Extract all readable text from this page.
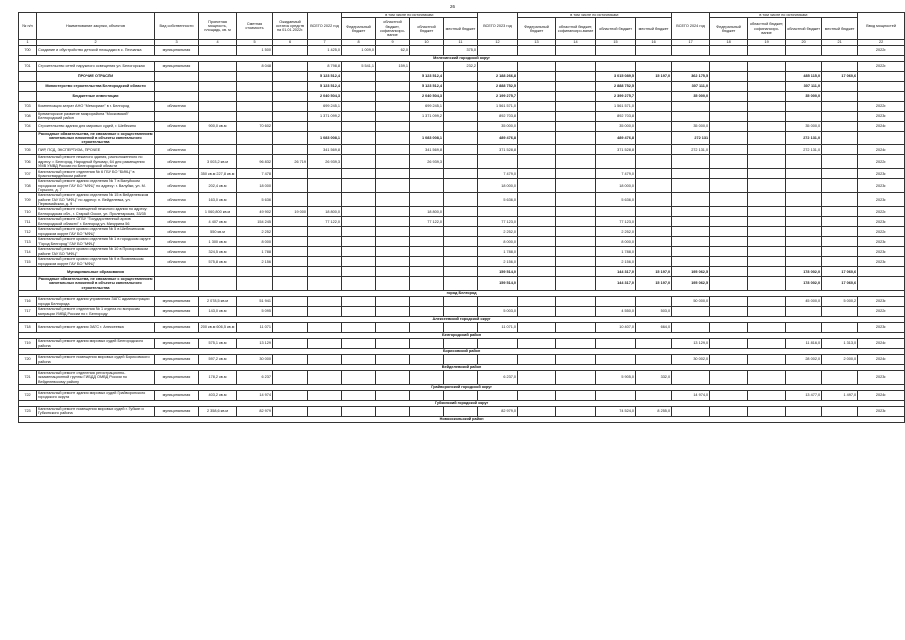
26
№ п/п	Наименование закупки, объектов	Вид собственности	Проектная мощность, площадь, кв. м	Сметная стоимость	Ожидаемый остаток средств на 01.01.2022г.	ВСЕГО 2022 год	в том числе по источникам:				ВСЕГО 2023 год	в том числе по источникам:				ВСЕГО 2024 год	в том числе по источникам:				Ввод мощностей
							Федеральный бюджет	областной бюджет, софинансиро-вание	областной бюджет	местный бюджет		Федеральный бюджет	областной бюджет, софинансиро-вание	областной бюджет	местный бюджет		Федеральный бюджет	областной бюджет, софинансиро-вание	областной бюджет	местный бюджет	
1	2	3	4	5	6	7	8	9	10	11	12	13	14	15	16	17	18	19	20	21	22
700	Создание и обустройство детской площадки в с. Песчанка	муниципальная		1 500		1 425,0	1 009,0	62,0		375,0											2022г.
Мелехинский городской округ																					
701	Строительство сетей наружного освещения ул. Белогорская	муниципальная		8 048		8 798,8	5 541,1	159,1		232,2											2022г.
	ПРОЧИЕ ОТРАСЛИ					5 123 512,4			5 123 512,4		2 188 266,8			3 015 089,5	15 197,0	362 175,5			485 115,0	17 060,6	
	Министерство строительства Белгородской области					5 123 512,4			5 123 512,4		2 888 752,5			2 888 752,5		307 111,0			307 111,0		
	Бюджетные инвестиции					2 040 504,3			2 040 504,3		2 199 275,7			2 399 275,7		35 000,0			35 000,0		
703	Компенсация затрат АНО "Мемориал" в г. Белгород	областная				699 245,1			699 245,1		1 561 571,0			1 561 571,0							2022г.
708	Крематорское развитие микрорайона "Московский" Белгородский район					1 371 099,2			1 371 099,2		892 703,8			892 703,8							2023г.
704	Строительство здания для мировых судей, г. Шебекино	областная	900,0 кв.м	70 602							35 000,0			35 000,0		35 000,0			35 000,0		2024г.
	Расходные обязательства, не связанные с осуществлением капитальных вложений в объекты капитального строительства					1 083 008,1			1 083 008,1		489 476,8			489 476,8		272 131			272 131,0		
705	ПИР, ПСД, ЭКСПЕРТИЗА, ПРОЧЕЕ	областная				341 569,8			341 569,8		371 528,8			371 528,8		272 131,0			272 131,0		2024г.
706	Капитальный ремонт нежилого здания, расположенного по адресу: г. Белгород, Народный бульвар, 64 для размещения УМВ УМВД России по Белгородской области	областная	3 003,2 кв.м	96 832	26 719	26 939,3			26 939,3												2022г.
707	Капитальный ремонт отделения № 6 ГБУ БО "БИКЦ" в Красногвардейском районе	областная	350 кв.м 227,8 кв.м	7 478							7 479,0			7 479,0							2023г.
708	Капитальный ремонт здания отделения № 7 в Валуйском городском округе ГАУ БО "МФЦ" по адресу: г. Валуйки, ул. М. Горького, д. 7	областная	202,4 кв.м	18 000							18 000,0			18 000,0							2023г.
709	Капитальный ремонт здания отделения № 15 в Вейделевском районе ГАУ БО "МФЦ" по адресу: п. Вейделевка, ул. Первомайская, д. 9	областная	163,0 кв.м	5 636							5 636,0			5 636,0							2023г.
710	Капитальный ремонт помещений нежилого здания по адресу: Белгородская обл., г. Старый Оскол, ул. Пролетарская, 33/35	областная	1 060,800 кв.м	49 902	19 000	18 800,0			18 800,0												2022г.
711	Капитальный ремонт ОГБУ "Государственный архив Белгородской области" г. Белгород ул. Мичурина 56	областная	4 407 кв.м	154 245		77 122,0			77 122,0		77 123,0			77 123,0							2023г.
712	Капитальный ремонт кровли отделения № 5 в Шебекинском городском округе ГАУ БО "МФЦ"	областная	550 кв.м	2 252							2 252,0			2 252,0							2022г.
713	Капитальный ремонт кровли отделения № 1 в городском округе "Город Белгород" ГАУ БО "МФЦ"	областная	1 300 кв.м	8 000							8 000,0			8 000,0							2023г.
714	Капитальный ремонт кровли отделения № 10 в Прохоровском районе ГАУ БО "МФЦ"	областная	324,5 кв.м	1 788							1 788,0			1 788,0							2023г.
715	Капитальный ремонт кровли отделения № 9 в Яковлевском городском округе ГАУ БО "МФЦ"	областная	575,8 кв.м	2 156							2 156,0			2 156,0							2023г.
	Муниципальные образования										159 514,0			144 317,0	15 197,0	195 062,5			178 002,0	17 060,6	
	Расходные обязательства, не связанные с осуществлением капитальных вложений в объекты капитального строительства										159 514,0			144 317,0	15 197,0	195 062,5			178 002,0	17 060,6	
город Белгород																					
716	Капитальный ремонт здания управления ЗАГС администрации города Белгорода	муниципальная	2 078,5 кв.м	51 941												50 000,0			45 000,0	5 000,2	2023г.
717	Капитальный ремонт отделения № 1 отдела по вопросам миграции УМВД России по г. Белгороду	муниципальная	143,0 кв.м	5 095							5 003,0			4 550,0	503,0						2022г.
Алексеевский городской округ																					
718	Капитальный ремонт здания ЗАГС г. Алексеевка	муниципальная	200 кв.м 606,5 кв.м	11 071							11 071,0			10 407,0	664,0						2023г.
Белгородский район																					
719	Капитальный ремонт здания мировых судей Белгородского района	муниципальная	575,1 кв.м	13 129												13 129,0			11 816,0	1 313,0	2024г.
Борисовский район																					
720	Капитальный ремонт помещения мировых судей Борисовского района	муниципальная	597,2 кв.м	30 000												30 002,0			28 002,0	2 000,0	2024г.
Вейделевский район																					
721	Капитальный ремонт отделения регистрационно-экзаменационной группы ГИБДД ОМВД России по Вейделевскому району	муниципальная	178,2 кв.м	6 237							6 237,0			5 905,0	332,0						2023г.
Грайворонский городской округ																					
722	Капитальный ремонт здания мировых судей Грайворонского городского округа	муниципальная	403,2 кв.м	14 974												14 974,0			13 477,0	1 497,0	2024г.
Губкинский городской округ																					
723	Капитальный ремонт помещения мировых судей г. Губкин и Губкинского района	муниципальная	2 358,6 кв.м	82 979							82 979,0			74 524,0	8 255,0						2023г.
Новооскольский район																					
